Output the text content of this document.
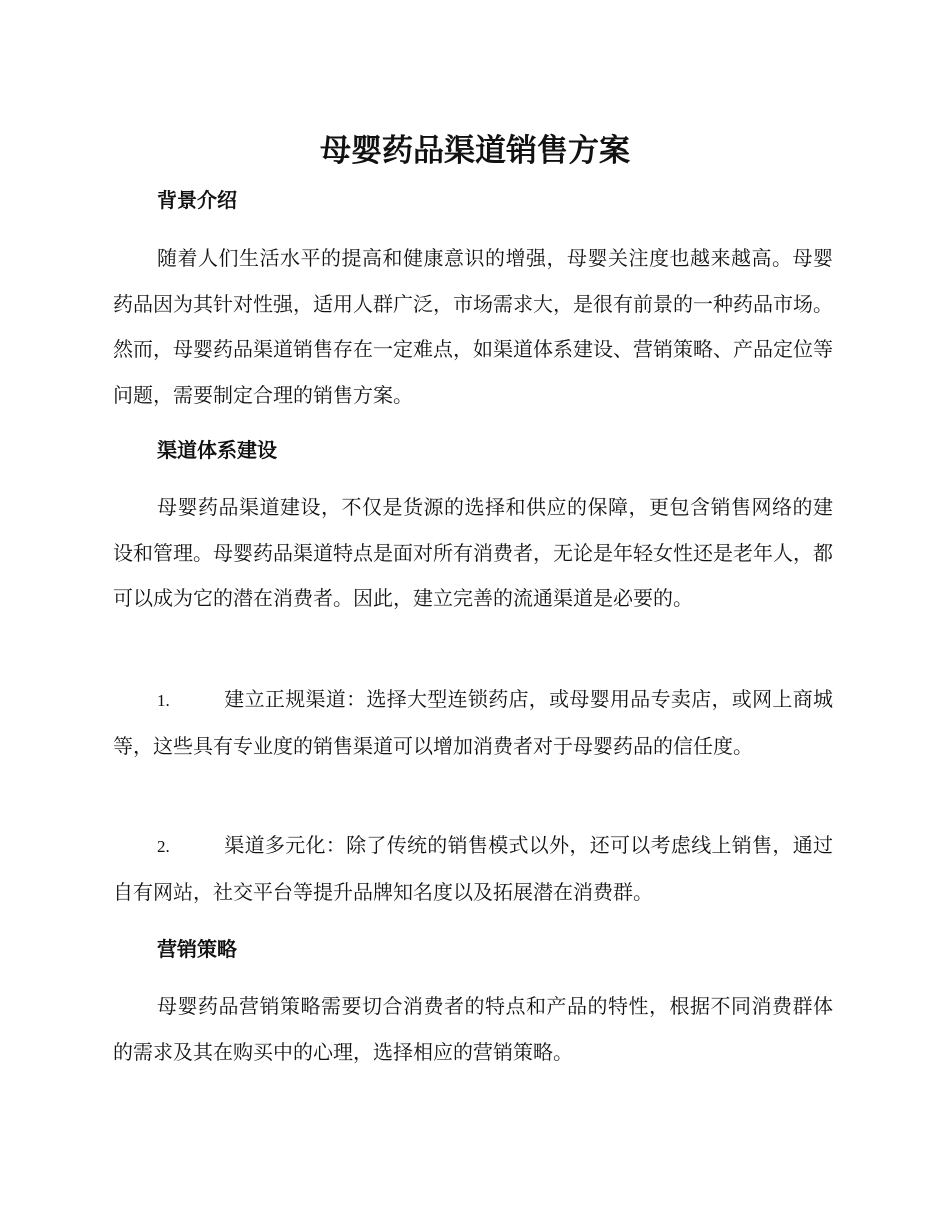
母婴药品渠道销售方案
背景介绍

随着人们生活水平的提高和健康意识的增强，母婴关注度也越来越高。母婴药品因为其针对性强，适用人群广泛，市场需求大，是很有前景的一种药品市场。然而，母婴药品渠道销售存在一定难点，如渠道体系建设、营销策略、产品定位等问题，需要制定合理的销售方案。

渠道体系建设

母婴药品渠道建设，不仅是货源的选择和供应的保障，更包含销售网络的建设和管理。母婴药品渠道特点是面对所有消费者，无论是年轻女性还是老年人，都可以成为它的潜在消费者。因此，建立完善的流通渠道是必要的。

1.	建立正规渠道：选择大型连锁药店，或母婴用品专卖店，或网上商城等，这些具有专业度的销售渠道可以增加消费者对于母婴药品的信任度。

2.	渠道多元化：除了传统的销售模式以外，还可以考虑线上销售，通过自有网站，社交平台等提升品牌知名度以及拓展潜在消费群。

营销策略

母婴药品营销策略需要切合消费者的特点和产品的特性，根据不同消费群体的需求及其在购买中的心理，选择相应的营销策略。
